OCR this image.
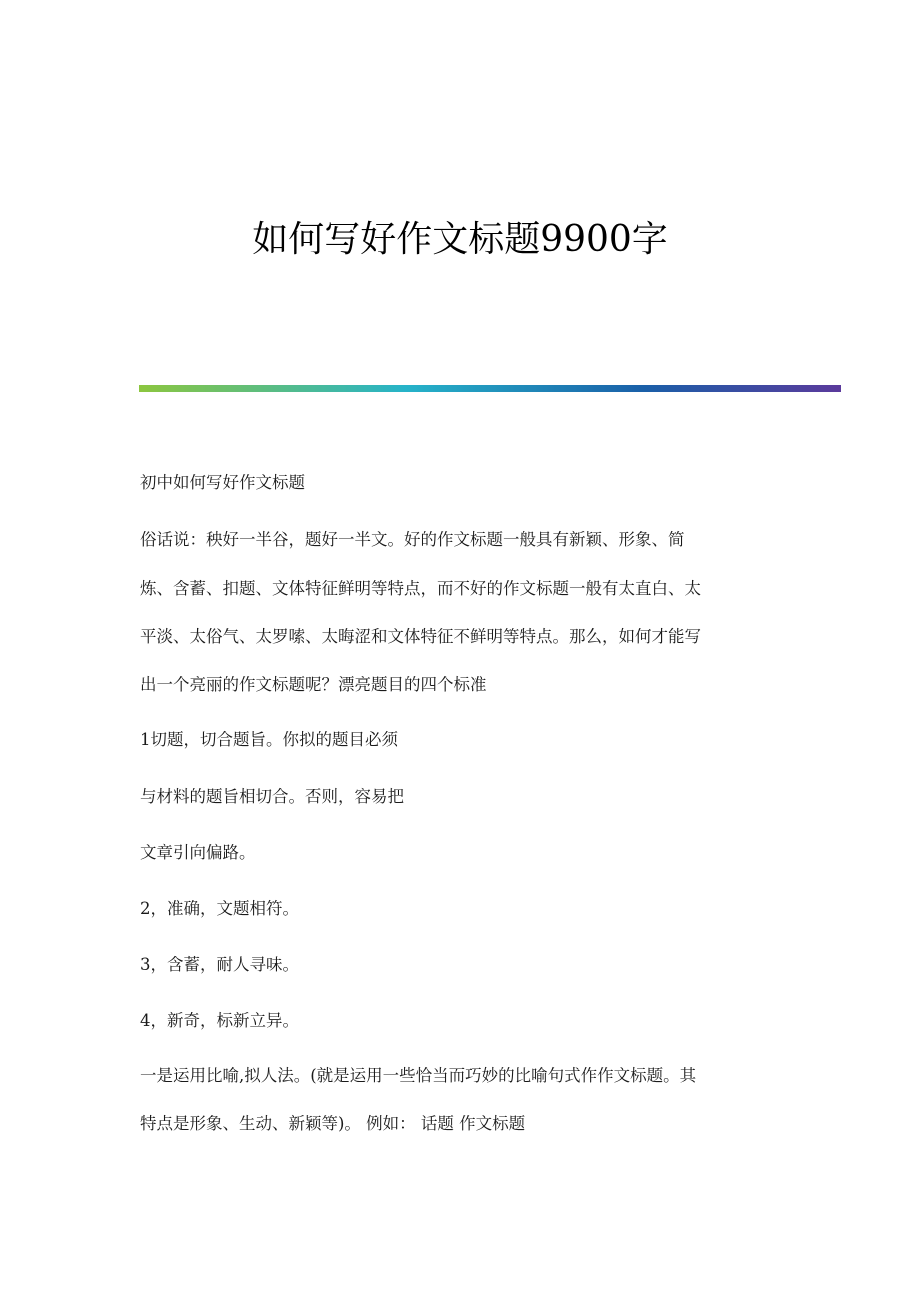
如何写好作文标题9900字
初中如何写好作文标题
俗话说：秧好一半谷，题好一半文。好的作文标题一般具有新颖、形象、简
炼、含蓄、扣题、文体特征鲜明等特点，而不好的作文标题一般有太直白、太
平淡、太俗气、太罗嗦、太晦涩和文体特征不鲜明等特点。那么，如何才能写
出一个亮丽的作文标题呢？漂亮题目的四个标准
1切题，切合题旨。你拟的题目必须
与材料的题旨相切合。否则，容易把
文章引向偏路。
2，准确，文题相符。
3，含蓄，耐人寻味。
4，新奇，标新立异。
一是运用比喻,拟人法。(就是运用一些恰当而巧妙的比喻句式作作文标题。其
特点是形象、生动、新颖等)。 例如： 话题 作文标题
